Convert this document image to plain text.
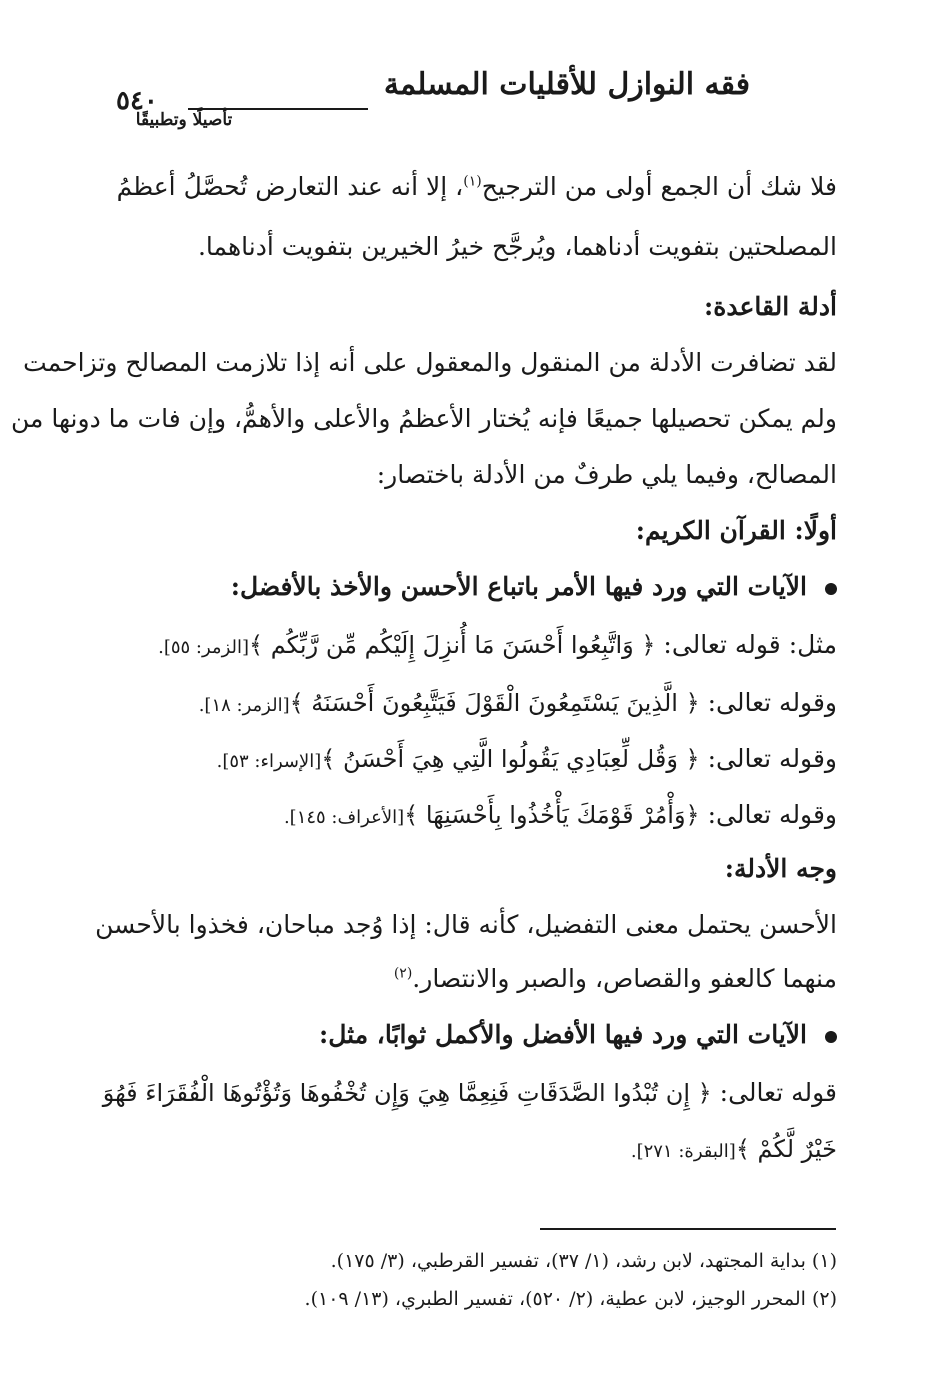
٥٤٠	فقه النوازل للأقليات المسلمة
تأصيلًا وتطبيقًا
فلا شك أن الجمع أولى من الترجيح$^{(١)}$، إلا أنه عند التعارض تُحصَّلُ أعظمُ
المصلحتين بتفويت أدناهما، ويُرجَّح خيرُ الخيرين بتفويت أدناهما.
أدلة القاعدة:
لقد تضافرت الأدلة من المنقول والمعقول على أنه إذا تلازمت المصالح وتزاحمت
ولم يمكن تحصيلها جميعًا فإنه يُختار الأعظمُ والأعلى والأهمُّ، وإن فات ما دونها من
المصالح، وفيما يلي طرفٌ من الأدلة باختصار:
أولًا: القرآن الكريم:
الآيات التي ورد فيها الأمر باتباع الأحسن والأخذ بالأفضل:
مثل: قوله تعالى: ﴿ وَاتَّبِعُوا أَحْسَنَ مَا أُنزِلَ إِلَيْكُم مِّن رَّبِّكُم ﴾[الزمر: ٥٥].
وقوله تعالى: ﴿ الَّذِينَ يَسْتَمِعُونَ الْقَوْلَ فَيَتَّبِعُونَ أَحْسَنَهُ ﴾[الزمر: ١٨].
وقوله تعالى: ﴿ وَقُل لِّعِبَادِي يَقُولُوا الَّتِي هِيَ أَحْسَنُ ﴾[الإسراء: ٥٣].
وقوله تعالى: ﴿وَأْمُرْ قَوْمَكَ يَأْخُذُوا بِأَحْسَنِهَا ﴾[الأعراف: ١٤٥].
وجه الأدلة:
الأحسن يحتمل معنى التفضيل، كأنه قال: إذا وُجد مباحان، فخذوا بالأحسن
منهما كالعفو والقصاص، والصبر والانتصار.$^{(٢)}$
الآيات التي ورد فيها الأفضل والأكمل ثوابًا، مثل:
قوله تعالى: ﴿ إِن تُبْدُوا الصَّدَقَاتِ فَنِعِمَّا هِيَ وَإِن تُخْفُوهَا وَتُؤْتُوهَا الْفُقَرَاءَ فَهُوَ
خَيْرٌ لَّكُمْ ﴾[البقرة: ٢٧١].
(١) بداية المجتهد، لابن رشد، (١/ ٣٧)، تفسير القرطبي، (٣/ ١٧٥).
(٢) المحرر الوجيز، لابن عطية، (٢/ ٥٢٠)، تفسير الطبري، (١٣/ ١٠٩).
